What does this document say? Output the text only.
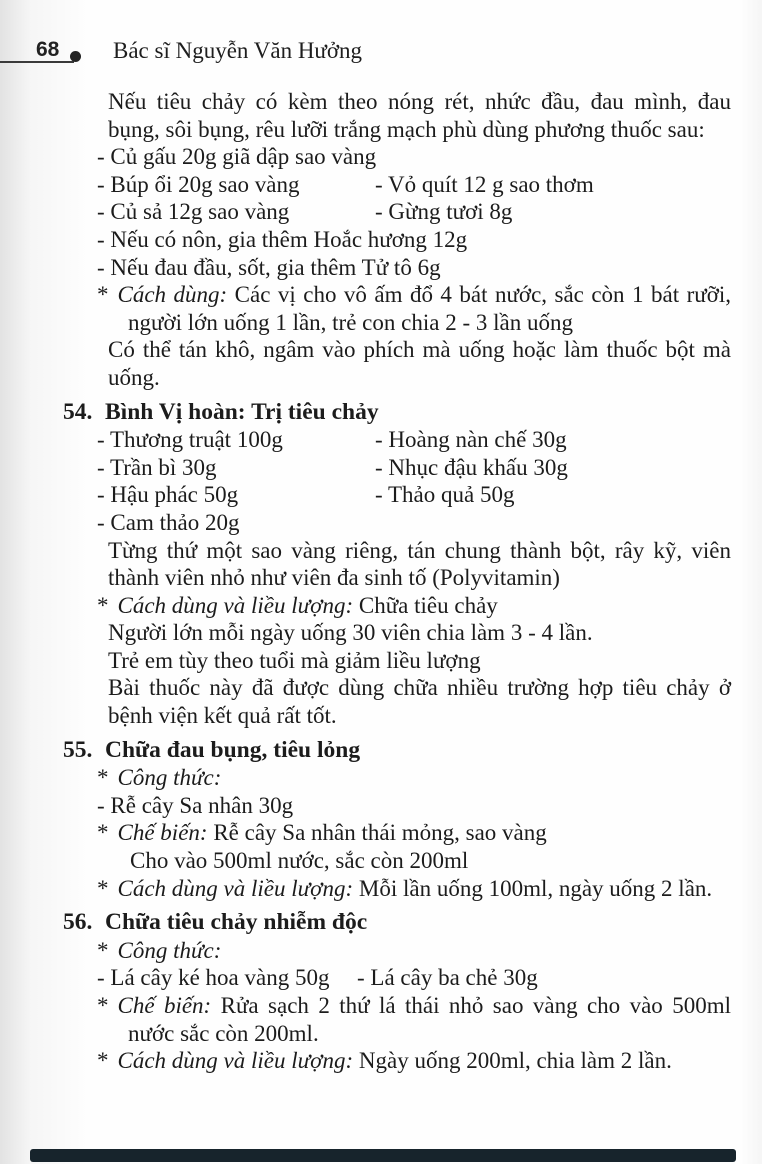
68 Bác sĩ Nguyễn Văn Hưởng
Nếu tiêu chảy có kèm theo nóng rét, nhức đầu, đau mình, đau bụng, sôi bụng, rêu lưỡi trắng mạch phù dùng phương thuốc sau:
- Củ gấu 20g giã dập sao vàng
- Búp ổi 20g sao vàng	- Vỏ quít 12 g sao thơm
- Củ sả 12g sao vàng	- Gừng tươi 8g
- Nếu có nôn, gia thêm Hoắc hương 12g
- Nếu đau đầu, sốt, gia thêm Tử tô 6g
* Cách dùng: Các vị cho vô ấm đổ 4 bát nước, sắc còn 1 bát rưỡi, người lớn uống 1 lần, trẻ con chia 2 - 3 lần uống
Có thể tán khô, ngâm vào phích mà uống hoặc làm thuốc bột mà uống.
54. Bình Vị hoàn: Trị tiêu chảy
- Thương truật 100g	- Hoàng nàn chế 30g
- Trần bì 30g	- Nhục đậu khấu 30g
- Hậu phác 50g	- Thảo quả 50g
- Cam thảo 20g
Từng thứ một sao vàng riêng, tán chung thành bột, rây kỹ, viên thành viên nhỏ như viên đa sinh tố (Polyvitamin)
* Cách dùng và liều lượng: Chữa tiêu chảy
Người lớn mỗi ngày uống 30 viên chia làm 3 - 4 lần.
Trẻ em tùy theo tuổi mà giảm liều lượng
Bài thuốc này đã được dùng chữa nhiều trường hợp tiêu chảy ở bệnh viện kết quả rất tốt.
55. Chữa đau bụng, tiêu lỏng
* Công thức:
- Rễ cây Sa nhân 30g
* Chế biến: Rễ cây Sa nhân thái mỏng, sao vàng
Cho vào 500ml nước, sắc còn 200ml
* Cách dùng và liều lượng: Mỗi lần uống 100ml, ngày uống 2 lần.
56. Chữa tiêu chảy nhiễm độc
* Công thức:
- Lá cây ké hoa vàng 50g	- Lá cây ba chẻ 30g
* Chế biến: Rửa sạch 2 thứ lá thái nhỏ sao vàng cho vào 500ml nước sắc còn 200ml.
* Cách dùng và liều lượng: Ngày uống 200ml, chia làm 2 lần.
